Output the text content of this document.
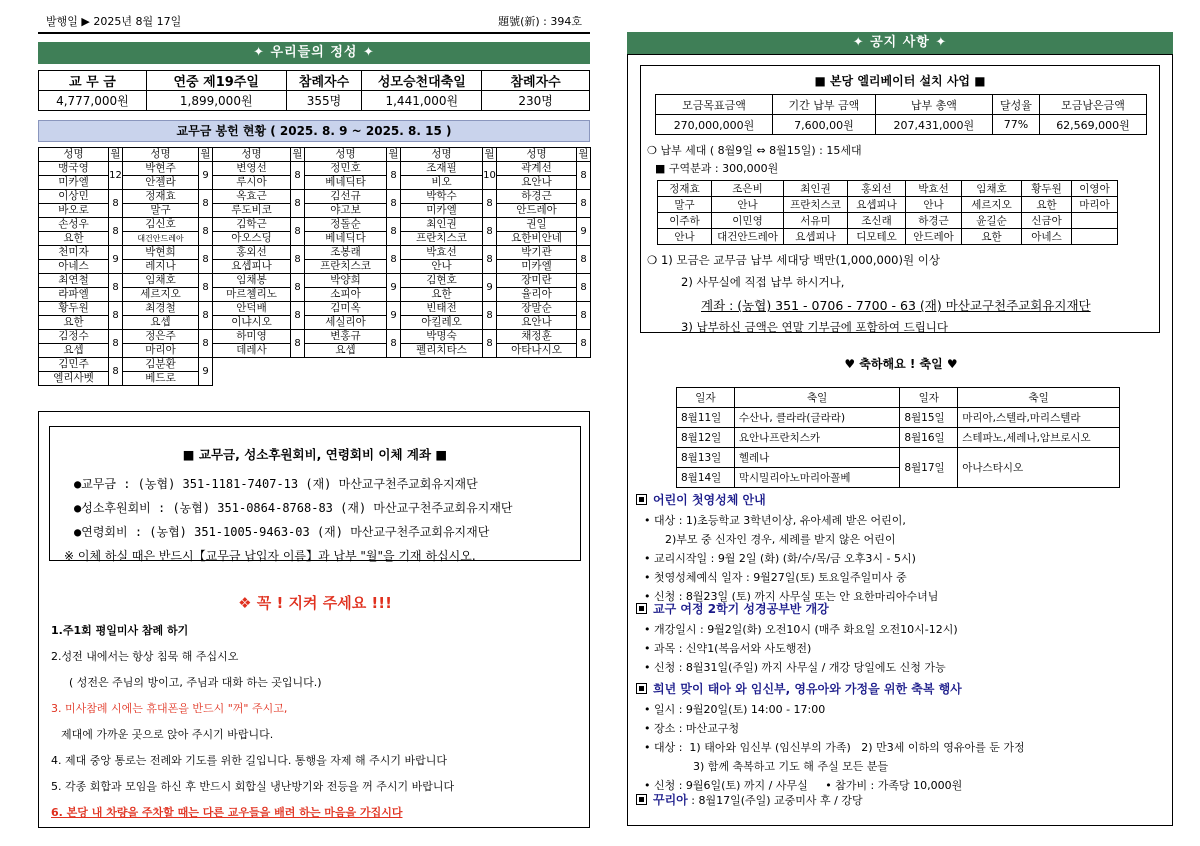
발행일 ▶ 2025년 8월 17일	題號(新) : 394호
✦ 우리들의 정성 ✦
교 무 금	연중 제19주일	참례자수	성모승천대축일	참례자수
4,777,000원	1,899,000원	355명	1,441,000원	230명
교무금 봉헌 현황 ( 2025. 8. 9 ~ 2025. 8. 15 )
성명	월	성명	월	성명	월	성명	월	성명	월	성명	월
맹국영	12	박현주	9	변영선	8	정민호	8	조재필	10	곽계선	8
미카엘		안젤라		루시아		베네딕타		비오		요안나	
이상민	8	정재효	8	옥효근	8	김선규	8	박학수	8	하경근	8
바오로		말구		루도비코		야고보		미카엘		안드레아	
손성우	8	김신호	8	김학근	8	정돌순	8	최인권	8	권일	9
요한		대건안드레아		아오스딩		베네딕다		프란치스코		요한비안네	
천미자	9	박현희	8	홍외선	8	조봉래	8	박효선	8	박기관	8
아네스		레지나		요셉피나		프란치스코		안나		미카엘	
최연철	8	임채호	8	임채봉	8	박양희	9	김현호	9	장미란	8
라파엘		세르지오		마르첼리노		소피아		요한		율리아	
황두원	8	최경철	8	안덕배	8	김미옥	9	빈태전	8	장말순	8
요한		요셉		이냐시오		세실리아		아킬레오		요안나	
김정수	8	정은주	8	하미영	8	변홍규	8	박명숙	8	채정훈	8
요셉		마리아		데레사		요셉		펠리치타스		아타나시오	
김민주	8	김분환	9								
엘리사벳		베드로									
■ 교무금, 성소후원회비, 연령회비 이체 계좌 ■
●교무금 : (농협) 351-1181-7407-13 (재) 마산교구천주교회유지재단
●성소후원회비 : (농협) 351-0864-8768-83 (재) 마산교구천주교회유지재단
●연령회비 : (농협) 351-1005-9463-03 (재) 마산교구천주교회유지재단
※ 이체 하실 때은 반드시【교무금 납입자 이름】과 납부 "월"을 기재 하십시오.
❖ 꼭 ! 지켜 주세요 !!!
1.주1회 평일미사 참례 하기
2.성전 내에서는 항상 침묵 해 주십시오
( 성전은 주님의 방이고, 주님과 대화 하는 곳입니다.)
3. 미사참례 시에는 휴대폰을 반드시 "꺼" 주시고,
제대에 가까운 곳으로 앉아 주시기 바랍니다.
4. 제대 중앙 통로는 전례와 기도를 위한 길입니다. 통행을 자제 해 주시기 바랍니다
5. 각종 회합과 모임을 하신 후 반드시 회합실 냉난방기와 전등을 꺼 주시기 바랍니다
6. 본당 내 차량을 주차할 때는 다른 교우들을 배려 하는 마음을 가집시다
✦ 공지 사항 ✦
■ 본당 엘리베이터 설치 사업 ■
모금목표금액	기간 납부 금액	납부 총액	달성율	모금남은금액
270,000,000원	7,600,00원	207,431,000원	77%	62,569,000원
❍ 납부 세대 ( 8월9일 ⇔ 8월15일) : 15세대
■ 구역분과 : 300,000원
정재효	조은비	최인권	홍외선	박효선	임채호	황두원	이영아
말구	안나	프란치스코	요셉피나	안나	세르지오	요한	마리아
이주하	이민영	서유미	조신래	하경근	윤길순	신금아	
안나	대건안드레아	요셉피나	디모테오	안드레아	요한	아네스	
❍ 1) 모금은 교무금 납부 세대당 백만(1,000,000)원 이상
2) 사무실에 직접 납부 하시거나,
계좌 : (농협) 351 - 0706 - 7700 - 63 (재) 마산교구천주교회유지재단
3) 납부하신 금액은 연말 기부금에 포함하여 드립니다
♥ 축하해요 ! 축일 ♥
일자	축일	일자	축일
8월11일	수산나, 클라라(글라라)	8월15일	마리아,스텔라,마리스텔라
8월12일	요안나프란치스카	8월16일	스테파노,세레나,암브로시오
8월13일	헬레나	8월17일	아나스타시오
8월14일	막시밀리아노마리아꼴베		
어린이 첫영성체 안내
• 대상 : 1)초등학교 3학년이상, 유아세례 받은 어린이,
2)부모 중 신자인 경우, 세례를 받지 않은 어린이
• 교리시작일 : 9월 2일 (화) (화/수/목/금 오후3시 - 5시)
• 첫영성체예식 일자 : 9월27일(토) 토요일주일미사 중
• 신청 : 8월23일 (토) 까지 사무실 또는 안 요한마리아수녀님
교구 여정 2학기 성경공부반 개강
• 개강일시 : 9월2일(화) 오전10시 (매주 화요일 오전10시-12시)
• 과목 : 신약1(복음서와 사도행전)
• 신청 : 8월31일(주일) 까지 사무실 / 개강 당일에도 신청 가능
희년 맞이 태아 와 임신부, 영유아와 가정을 위한 축복 행사
• 일시 : 9월20일(토) 14:00 - 17:00
• 장소 : 마산교구청
• 대상 :  1) 태아와 임신부 (임신부의 가족)   2) 만3세 이하의 영유아를 둔 가정
3) 함께 축복하고 기도 해 주실 모든 분들
• 신청 : 9월6일(토) 까지 / 사무실     • 참가비 : 가족당 10,000원
꾸리아 : 8월17일(주일) 교중미사 후 / 강당
